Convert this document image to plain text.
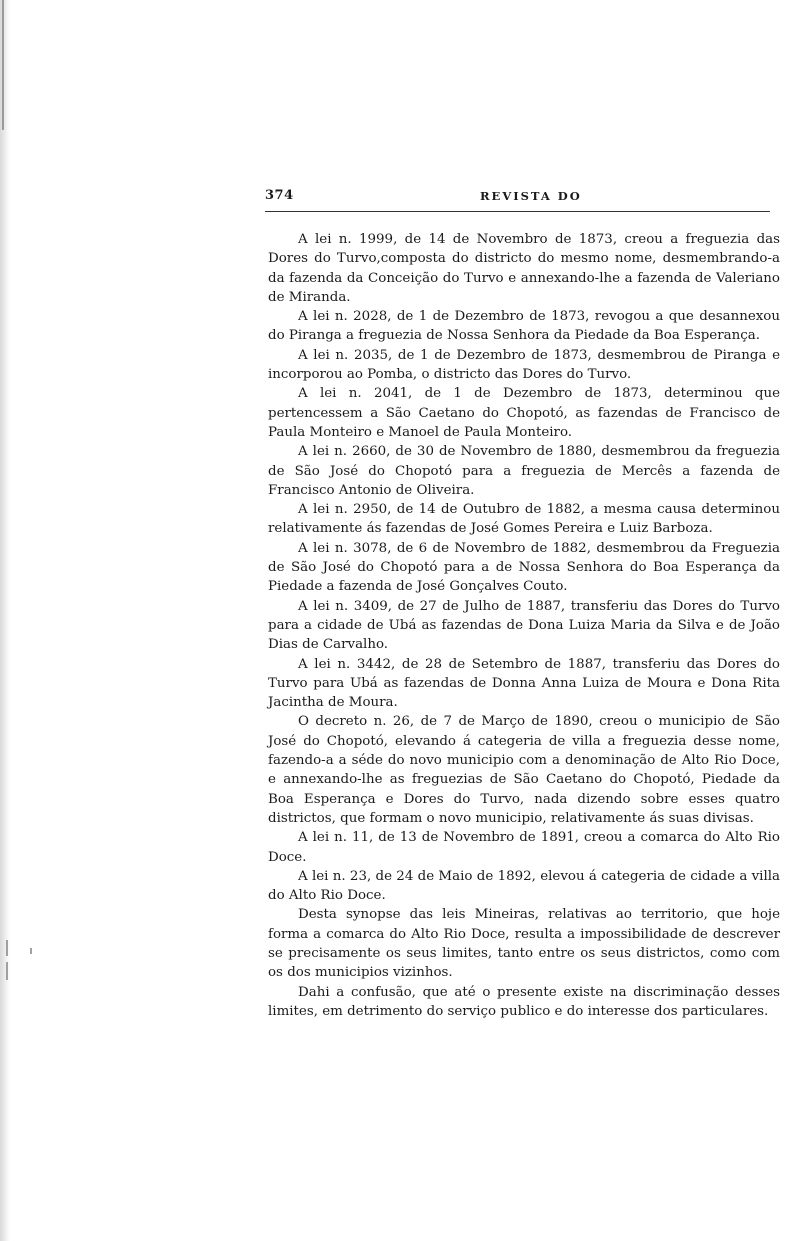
374	REVISTA DO

A lei n. 1999, de 14 de Novembro de 1873, creou a freguezia das Dores do Turvo,composta do districto do mesmo nome, desmembrando-a da fazenda da Conceição do Turvo e annexando-lhe a fazenda de Valeriano de Miranda.

A lei n. 2028, de 1 de Dezembro de 1873, revogou a que desannexou do Piranga a freguezia de Nossa Senhora da Piedade da Boa Esperança.

A lei n. 2035, de 1 de Dezembro de 1873, desmembrou de Piranga e incorporou ao Pomba, o districto das Dores do Turvo.

A lei n. 2041, de 1 de Dezembro de 1873, determinou que pertencessem a São Caetano do Chopotó, as fazendas de Francisco de Paula Monteiro e Manoel de Paula Monteiro.

A lei n. 2660, de 30 de Novembro de 1880, desmembrou da freguezia de São José do Chopotó para a freguezia de Mercês a fazenda de Francisco Antonio de Oliveira.

A lei n. 2950, de 14 de Outubro de 1882, a mesma causa determinou relativamente ás fazendas de José Gomes Pereira e Luiz Barboza.

A lei n. 3078, de 6 de Novembro de 1882, desmembrou da Freguezia de São José do Chopotó para a de Nossa Senhora do Boa Esperança da Piedade a fazenda de José Gonçalves Couto.

A lei n. 3409, de 27 de Julho de 1887, transferiu das Dores do Turvo para a cidade de Ubá as fazendas de Dona Luiza Maria da Silva e de João Dias de Carvalho.

A lei n. 3442, de 28 de Setembro de 1887, transferiu das Dores do Turvo para Ubá as fazendas de Donna Anna Luiza de Moura e Dona Rita Jacintha de Moura.

O decreto n. 26, de 7 de Março de 1890, creou o municipio de São José do Chopotó, elevando á categeria de villa a freguezia desse nome, fazendo-a a séde do novo municipio com a denominação de Alto Rio Doce, e annexando-lhe as freguezias de São Caetano do Chopotó, Piedade da Boa Esperança e Dores do Turvo, nada dizendo sobre esses quatro districtos, que formam o novo municipio, relativamente ás suas divisas.

A lei n. 11, de 13 de Novembro de 1891, creou a comarca do Alto Rio Doce.

A lei n. 23, de 24 de Maio de 1892, elevou á categeria de cidade a villa do Alto Rio Doce.

Desta synopse das leis Mineiras, relativas ao territorio, que hoje forma a comarca do Alto Rio Doce, resulta a impossibilidade de descrever se precisamente os seus limites, tanto entre os seus districtos, como com os dos municipios vizinhos.

Dahi a confusão, que até o presente existe na discriminação desses limites, em detrimento do serviço publico e do interesse dos particulares.
